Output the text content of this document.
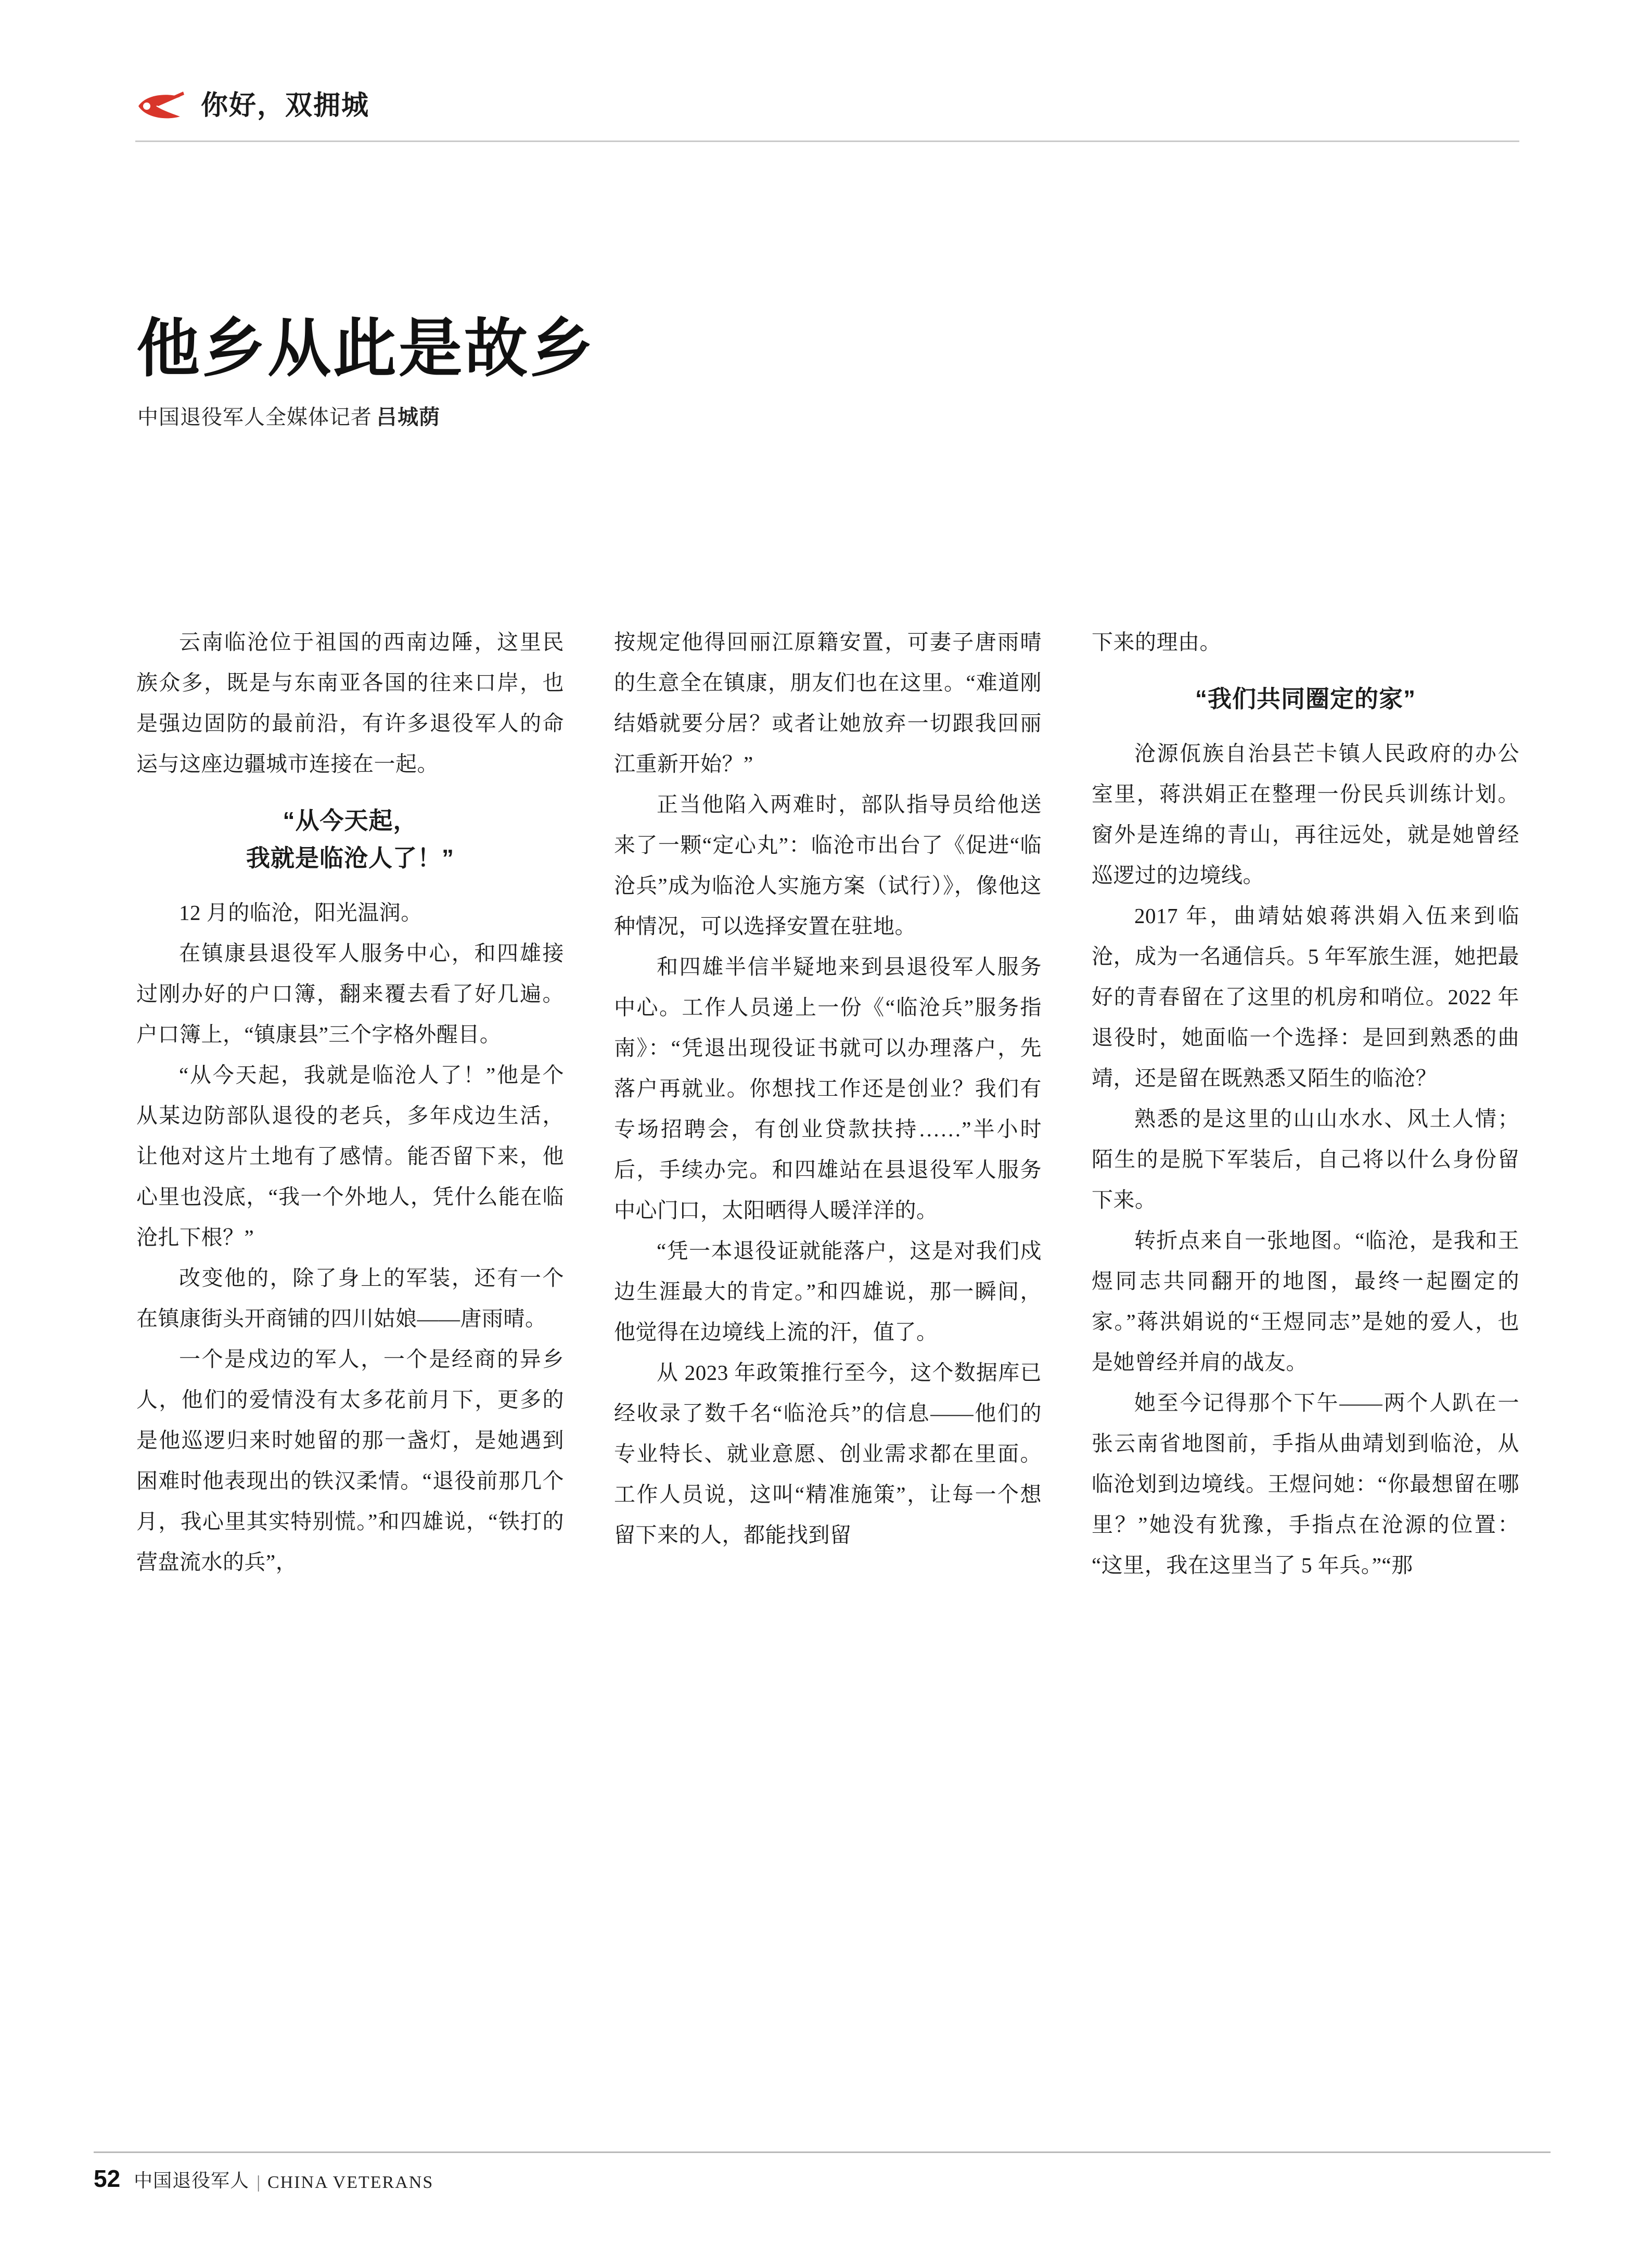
你好，双拥城
他乡从此是故乡
中国退役军人全媒体记者 吕城荫

云南临沧位于祖国的西南边陲，这里民族众多，既是与东南亚各国的往来口岸，也是强边固防的最前沿，有许多退役军人的命运与这座边疆城市连接在一起。

“从今天起，
我就是临沧人了！”

12 月的临沧，阳光温润。

在镇康县退役军人服务中心，和四雄接过刚办好的户口簿，翻来覆去看了好几遍。户口簿上，“镇康县”三个字格外醒目。

“从今天起，我就是临沧人了！”他是个从某边防部队退役的老兵，多年戍边生活，让他对这片土地有了感情。能否留下来，他心里也没底，“我一个外地人，凭什么能在临沧扎下根？”

改变他的，除了身上的军装，还有一个在镇康街头开商铺的四川姑娘——唐雨晴。

一个是戍边的军人，一个是经商的异乡人，他们的爱情没有太多花前月下，更多的是他巡逻归来时她留的那一盏灯，是她遇到困难时他表现出的铁汉柔情。“退役前那几个月，我心里其实特别慌。”和四雄说，“铁打的营盘流水的兵”，

按规定他得回丽江原籍安置，可妻子唐雨晴的生意全在镇康，朋友们也在这里。“难道刚结婚就要分居？或者让她放弃一切跟我回丽江重新开始？”

正当他陷入两难时，部队指导员给他送来了一颗“定心丸”：临沧市出台了《促进“临沧兵”成为临沧人实施方案（试行）》，像他这种情况，可以选择安置在驻地。

和四雄半信半疑地来到县退役军人服务中心。工作人员递上一份《“临沧兵”服务指南》：“凭退出现役证书就可以办理落户，先落户再就业。你想找工作还是创业？我们有专场招聘会，有创业贷款扶持……”半小时后，手续办完。和四雄站在县退役军人服务中心门口，太阳晒得人暖洋洋的。

“凭一本退役证就能落户，这是对我们戍边生涯最大的肯定。”和四雄说，那一瞬间，他觉得在边境线上流的汗，值了。

从 2023 年政策推行至今，这个数据库已经收录了数千名“临沧兵”的信息——他们的专业特长、就业意愿、创业需求都在里面。工作人员说，这叫“精准施策”，让每一个想留下来的人，都能找到留

下来的理由。

“我们共同圈定的家”

沧源佤族自治县芒卡镇人民政府的办公室里，蒋洪娟正在整理一份民兵训练计划。窗外是连绵的青山，再往远处，就是她曾经巡逻过的边境线。

2017 年，曲靖姑娘蒋洪娟入伍来到临沧，成为一名通信兵。5 年军旅生涯，她把最好的青春留在了这里的机房和哨位。2022 年退役时，她面临一个选择：是回到熟悉的曲靖，还是留在既熟悉又陌生的临沧？

熟悉的是这里的山山水水、风土人情；陌生的是脱下军装后，自己将以什么身份留下来。

转折点来自一张地图。“临沧，是我和王煜同志共同翻开的地图，最终一起圈定的家。”蒋洪娟说的“王煜同志”是她的爱人，也是她曾经并肩的战友。

她至今记得那个下午——两个人趴在一张云南省地图前，手指从曲靖划到临沧，从临沧划到边境线。王煜问她：“你最想留在哪里？”她没有犹豫，手指点在沧源的位置：“这里，我在这里当了 5 年兵。”“那

52 中国退役军人 | CHINA VETERANS
